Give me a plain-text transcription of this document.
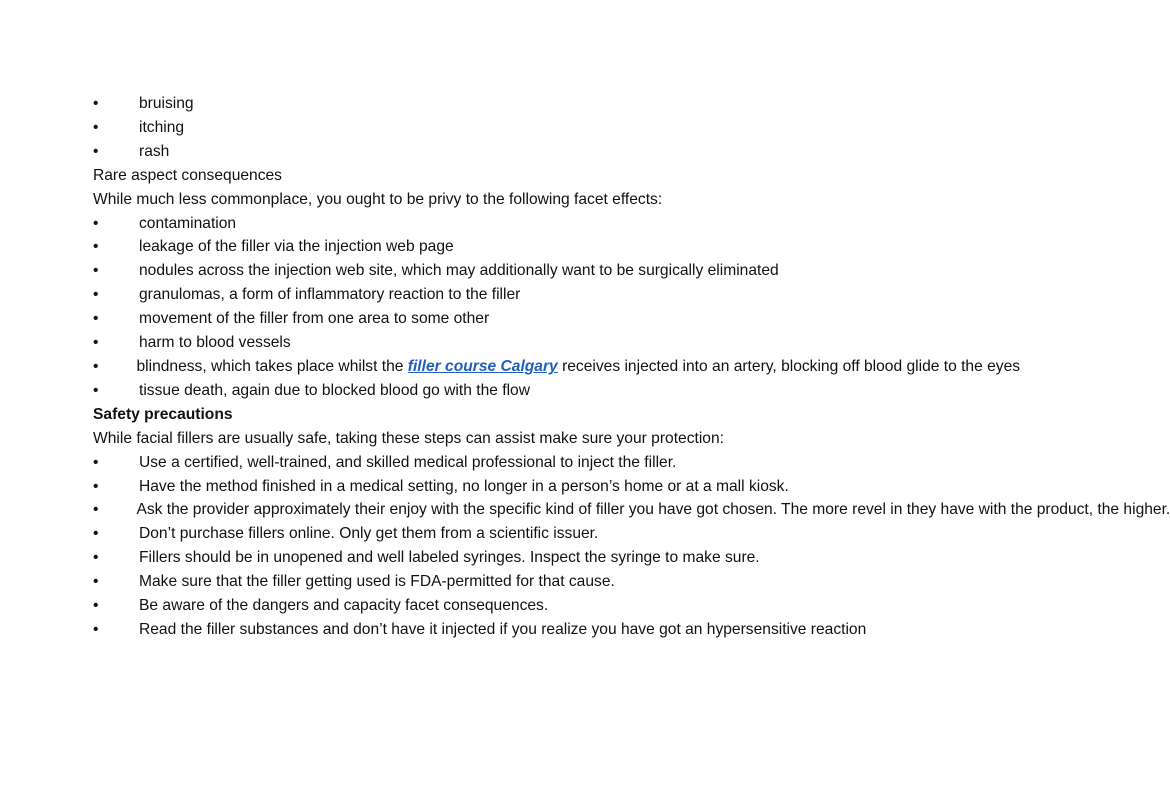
•	bruising
•	itching
•	rash
Rare aspect consequences
While much less commonplace, you ought to be privy to the following facet effects:
•	contamination
•	leakage of the filler via the injection web page
•	nodules across the injection web site, which may additionally want to be surgically eliminated
•	granulomas, a form of inflammatory reaction to the filler
•	movement of the filler from one area to some other
•	harm to blood vessels
• blindness, which takes place whilst the filler course Calgary receives injected into an artery, blocking off blood glide to the eyes
•	tissue death, again due to blocked blood go with the flow
Safety precautions
While facial fillers are usually safe, taking these steps can assist make sure your protection:
•	Use a certified, well-trained, and skilled medical professional to inject the filler.
•	Have the method finished in a medical setting, no longer in a person’s home or at a mall kiosk.
• Ask the provider approximately their enjoy with the specific kind of filler you have got chosen. The more revel in they have with the product, the higher.
•	Don’t purchase fillers online. Only get them from a scientific issuer.
•	Fillers should be in unopened and well labeled syringes. Inspect the syringe to make sure.
•	Make sure that the filler getting used is FDA-permitted for that cause.
•	Be aware of the dangers and capacity facet consequences.
•	Read the filler substances and don’t have it injected if you realize you have got an hypersensitive reaction
